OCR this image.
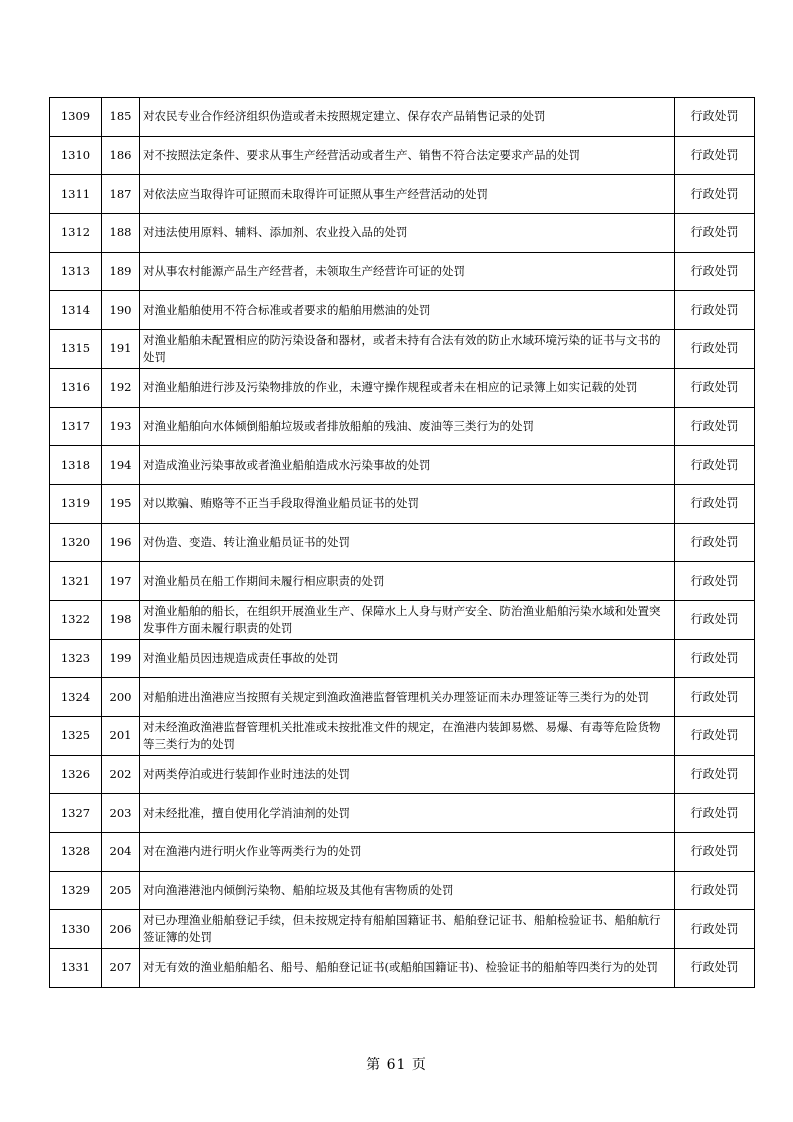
1309	185	对农民专业合作经济组织伪造或者未按照规定建立、保存农产品销售记录的处罚	行政处罚
1310	186	对不按照法定条件、要求从事生产经营活动或者生产、销售不符合法定要求产品的处罚	行政处罚
1311	187	对依法应当取得许可证照而未取得许可证照从事生产经营活动的处罚	行政处罚
1312	188	对违法使用原料、辅料、添加剂、农业投入品的处罚	行政处罚
1313	189	对从事农村能源产品生产经营者，未领取生产经营许可证的处罚	行政处罚
1314	190	对渔业船舶使用不符合标准或者要求的船舶用燃油的处罚	行政处罚
1315	191	对渔业船舶未配置相应的防污染设备和器材，或者未持有合法有效的防止水域环境污染的证书与文书的处罚	行政处罚
1316	192	对渔业船舶进行涉及污染物排放的作业，未遵守操作规程或者未在相应的记录簿上如实记载的处罚	行政处罚
1317	193	对渔业船舶向水体倾倒船舶垃圾或者排放船舶的残油、废油等三类行为的处罚	行政处罚
1318	194	对造成渔业污染事故或者渔业船舶造成水污染事故的处罚	行政处罚
1319	195	对以欺骗、贿赂等不正当手段取得渔业船员证书的处罚	行政处罚
1320	196	对伪造、变造、转让渔业船员证书的处罚	行政处罚
1321	197	对渔业船员在船工作期间未履行相应职责的处罚	行政处罚
1322	198	对渔业船舶的船长，在组织开展渔业生产、保障水上人身与财产安全、防治渔业船舶污染水域和处置突发事件方面未履行职责的处罚	行政处罚
1323	199	对渔业船员因违规造成责任事故的处罚	行政处罚
1324	200	对船舶进出渔港应当按照有关规定到渔政渔港监督管理机关办理签证而未办理签证等三类行为的处罚	行政处罚
1325	201	对未经渔政渔港监督管理机关批准或未按批准文件的规定，在渔港内装卸易燃、易爆、有毒等危险货物等三类行为的处罚	行政处罚
1326	202	对两类停泊或进行装卸作业时违法的处罚	行政处罚
1327	203	对未经批准，擅自使用化学消油剂的处罚	行政处罚
1328	204	对在渔港内进行明火作业等两类行为的处罚	行政处罚
1329	205	对向渔港港池内倾倒污染物、船舶垃圾及其他有害物质的处罚	行政处罚
1330	206	对已办理渔业船舶登记手续，但未按规定持有船舶国籍证书、船舶登记证书、船舶检验证书、船舶航行签证簿的处罚	行政处罚
1331	207	对无有效的渔业船舶船名、船号、船舶登记证书(或船舶国籍证书)、检验证书的船舶等四类行为的处罚	行政处罚
第 61 页
